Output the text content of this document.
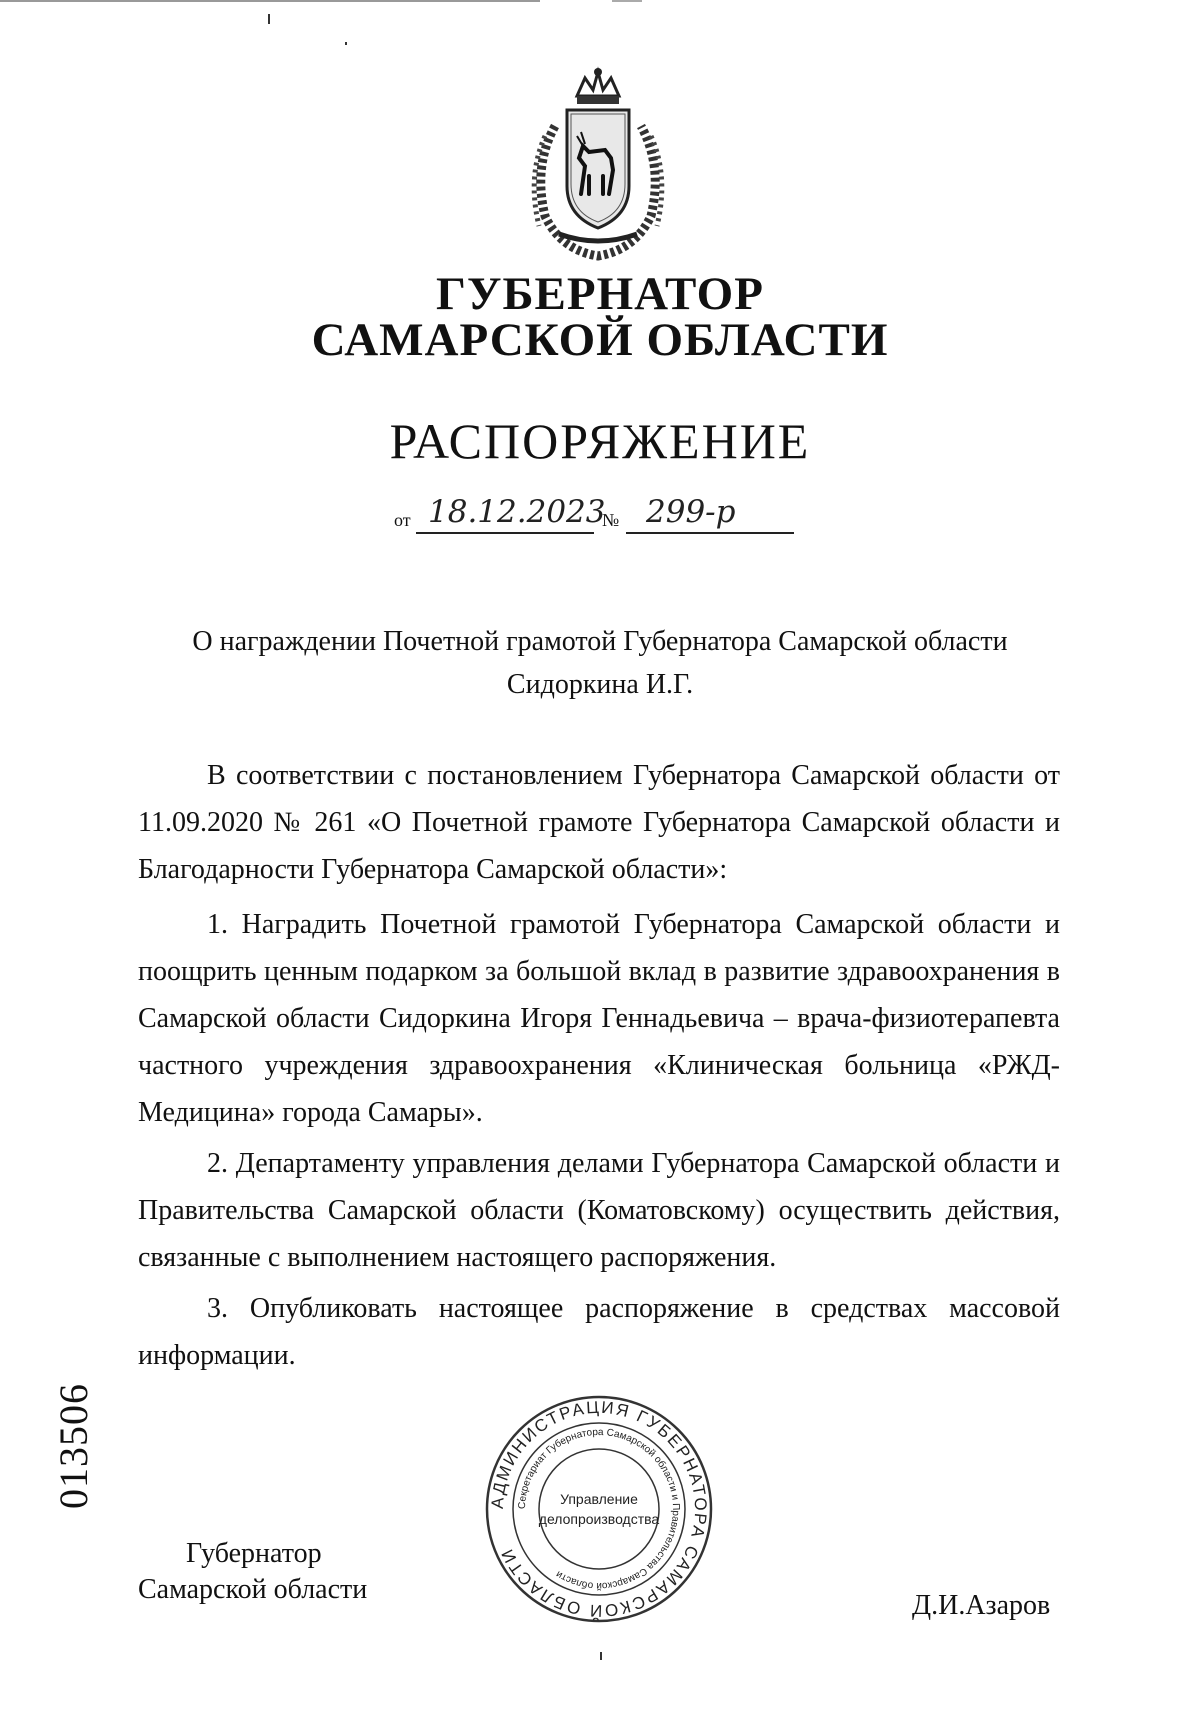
ГУБЕРНАТОР
САМАРСКОЙ ОБЛАСТИ
РАСПОРЯЖЕНИЕ
от 18.12.2023
№ 299-р
О награждении Почетной грамотой Губернатора Самарской области
Сидоркина И.Г.

В соответствии с постановлением Губернатора Самарской области от 11.09.2020 № 261 «О Почетной грамоте Губернатора Самарской области и Благодарности Губернатора Самарской области»:

1. Наградить Почетной грамотой Губернатора Самарской области и поощрить ценным подарком за большой вклад в развитие здравоохранения в Самарской области Сидоркина Игоря Геннадьевича – врача-физиотерапевта частного учреждения здравоохранения «Клиническая больница «РЖД-Медицина» города Самары».

2. Департаменту управления делами Губернатора Самарской области и Правительства Самарской области (Коматовскому) осуществить действия, связанные с выполнением настоящего распоряжения.

3. Опубликовать настоящее распоряжение в средствах массовой информации.

Губернатор
Самарской области
Д.И.Азаров
АДМИНИСТРАЦИЯ ГУБЕРНАТОРА САМАРСКОЙ ОБЛАСТИ
Секретариат Губернатора Самарской области и Правительства Самарской области
Управление
делопроизводства
013506
